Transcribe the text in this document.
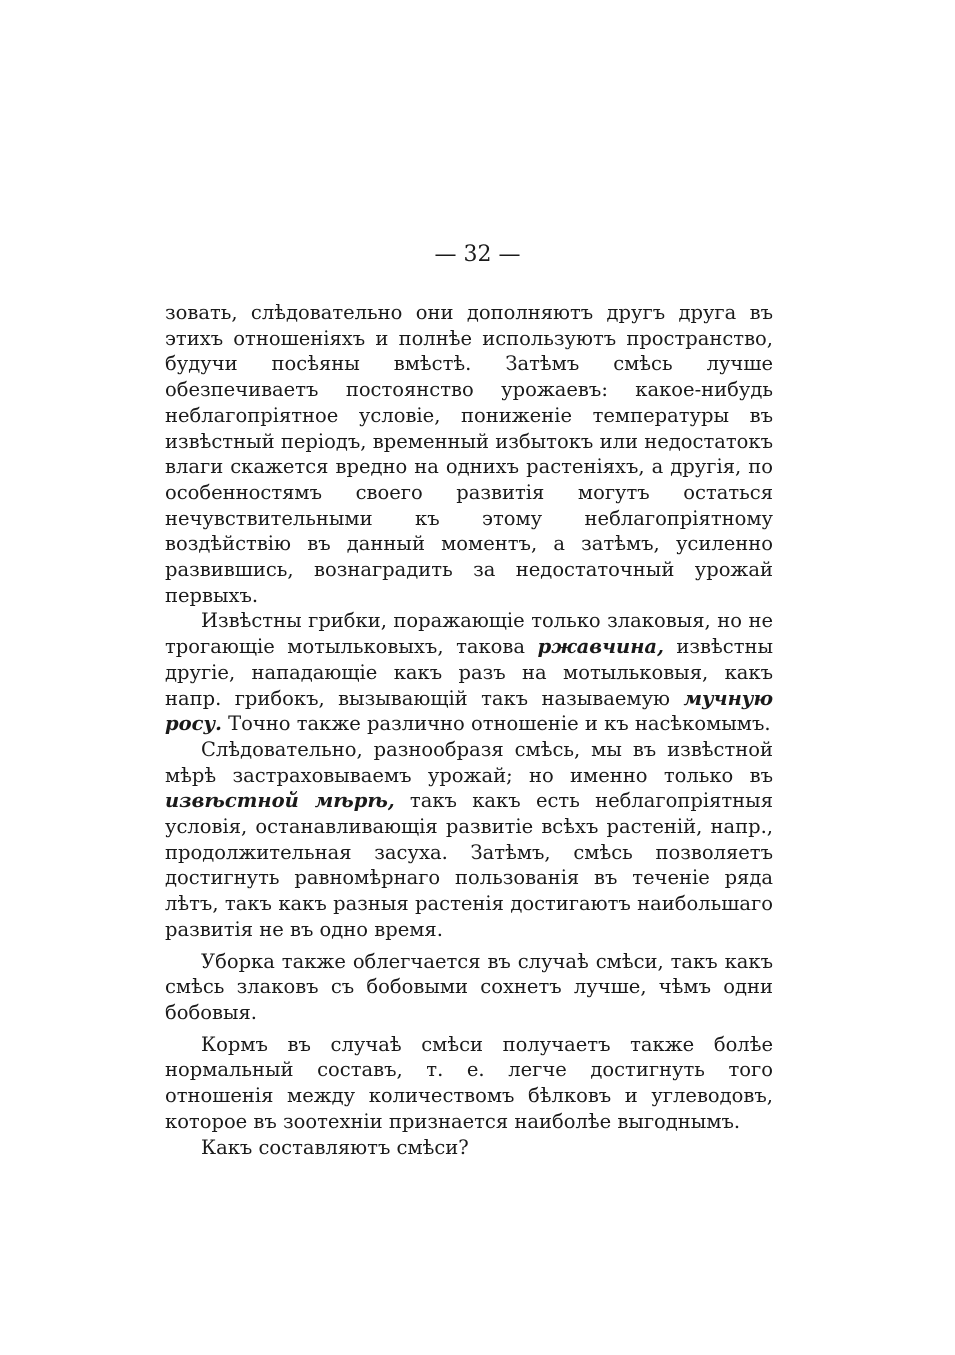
— 32 —

зовать, слѣдовательно они дополняютъ другъ друга въ этихъ отношеніяхъ и полнѣе используютъ пространство, будучи посѣяны вмѣстѣ. Затѣмъ смѣсь лучше обезпечиваетъ постоянство урожаевъ: какое-нибудь неблагопріятное условіе, пониженіе температуры въ извѣстный періодъ, временный избытокъ или недостатокъ влаги скажется вредно на однихъ растеніяхъ, а другія, по особенностямъ своего развитія могутъ остаться нечувствительными къ этому неблагопріятному воздѣйствію въ данный моментъ, а затѣмъ, усиленно развившись, вознаградить за недостаточный урожай первыхъ.

Извѣстны грибки, поражающіе только злаковыя, но не трогающіе мотыльковыхъ, такова ржавчина, извѣстны другіе, нападающіе какъ разъ на мотыльковыя, какъ напр. грибокъ, вызывающій такъ называемую мучную росу. Точно также различно отношеніе и къ насѣкомымъ.

Слѣдовательно, разнообразя смѣсь, мы въ извѣстной мѣрѣ застраховываемъ урожай; но именно только въ извѣстной мѣрѣ, такъ какъ есть неблагопріятныя условія, останавливающія развитіе всѣхъ растеній, напр., продолжительная засуха. Затѣмъ, смѣсь позволяетъ достигнуть равномѣрнаго пользованія въ теченіе ряда лѣтъ, такъ какъ разныя растенія достигаютъ наибольшаго развитія не въ одно время.

Уборка также облегчается въ случаѣ смѣси, такъ какъ смѣсь злаковъ съ бобовыми сохнетъ лучше, чѣмъ одни бобовыя.

Кормъ въ случаѣ смѣси получаетъ также болѣе нормальный составъ, т. е. легче достигнуть того отношенія между количествомъ бѣлковъ и углеводовъ, которое въ зоотехніи признается наиболѣе выгоднымъ.

Какъ составляютъ смѣси?
